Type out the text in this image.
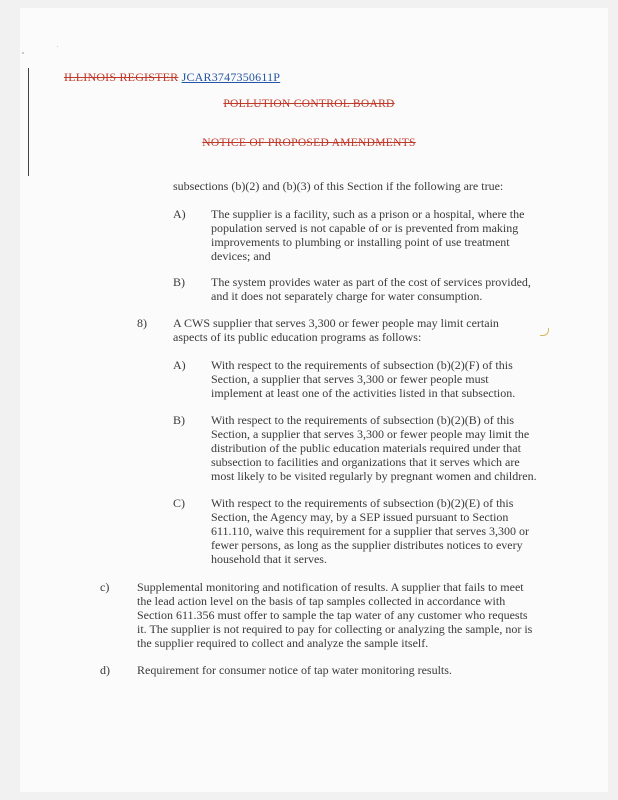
ILLINOIS REGISTER JCAR3747350611P
POLLUTION CONTROL BOARD
NOTICE OF PROPOSED AMENDMENTS
subsections (b)(2) and (b)(3) of this Section if the following are true:
A) The supplier is a facility, such as a prison or a hospital, where the population served is not capable of or is prevented from making improvements to plumbing or installing point of use treatment devices; and
B) The system provides water as part of the cost of services provided, and it does not separately charge for water consumption.
8) A CWS supplier that serves 3,300 or fewer people may limit certain aspects of its public education programs as follows:
A) With respect to the requirements of subsection (b)(2)(F) of this Section, a supplier that serves 3,300 or fewer people must implement at least one of the activities listed in that subsection.
B) With respect to the requirements of subsection (b)(2)(B) of this Section, a supplier that serves 3,300 or fewer people may limit the distribution of the public education materials required under that subsection to facilities and organizations that it serves which are most likely to be visited regularly by pregnant women and children.
C) With respect to the requirements of subsection (b)(2)(E) of this Section, the Agency may, by a SEP issued pursuant to Section 611.110, waive this requirement for a supplier that serves 3,300 or fewer persons, as long as the supplier distributes notices to every household that it serves.
c) Supplemental monitoring and notification of results. A supplier that fails to meet the lead action level on the basis of tap samples collected in accordance with Section 611.356 must offer to sample the tap water of any customer who requests it. The supplier is not required to pay for collecting or analyzing the sample, nor is the supplier required to collect and analyze the sample itself.
d) Requirement for consumer notice of tap water monitoring results.
